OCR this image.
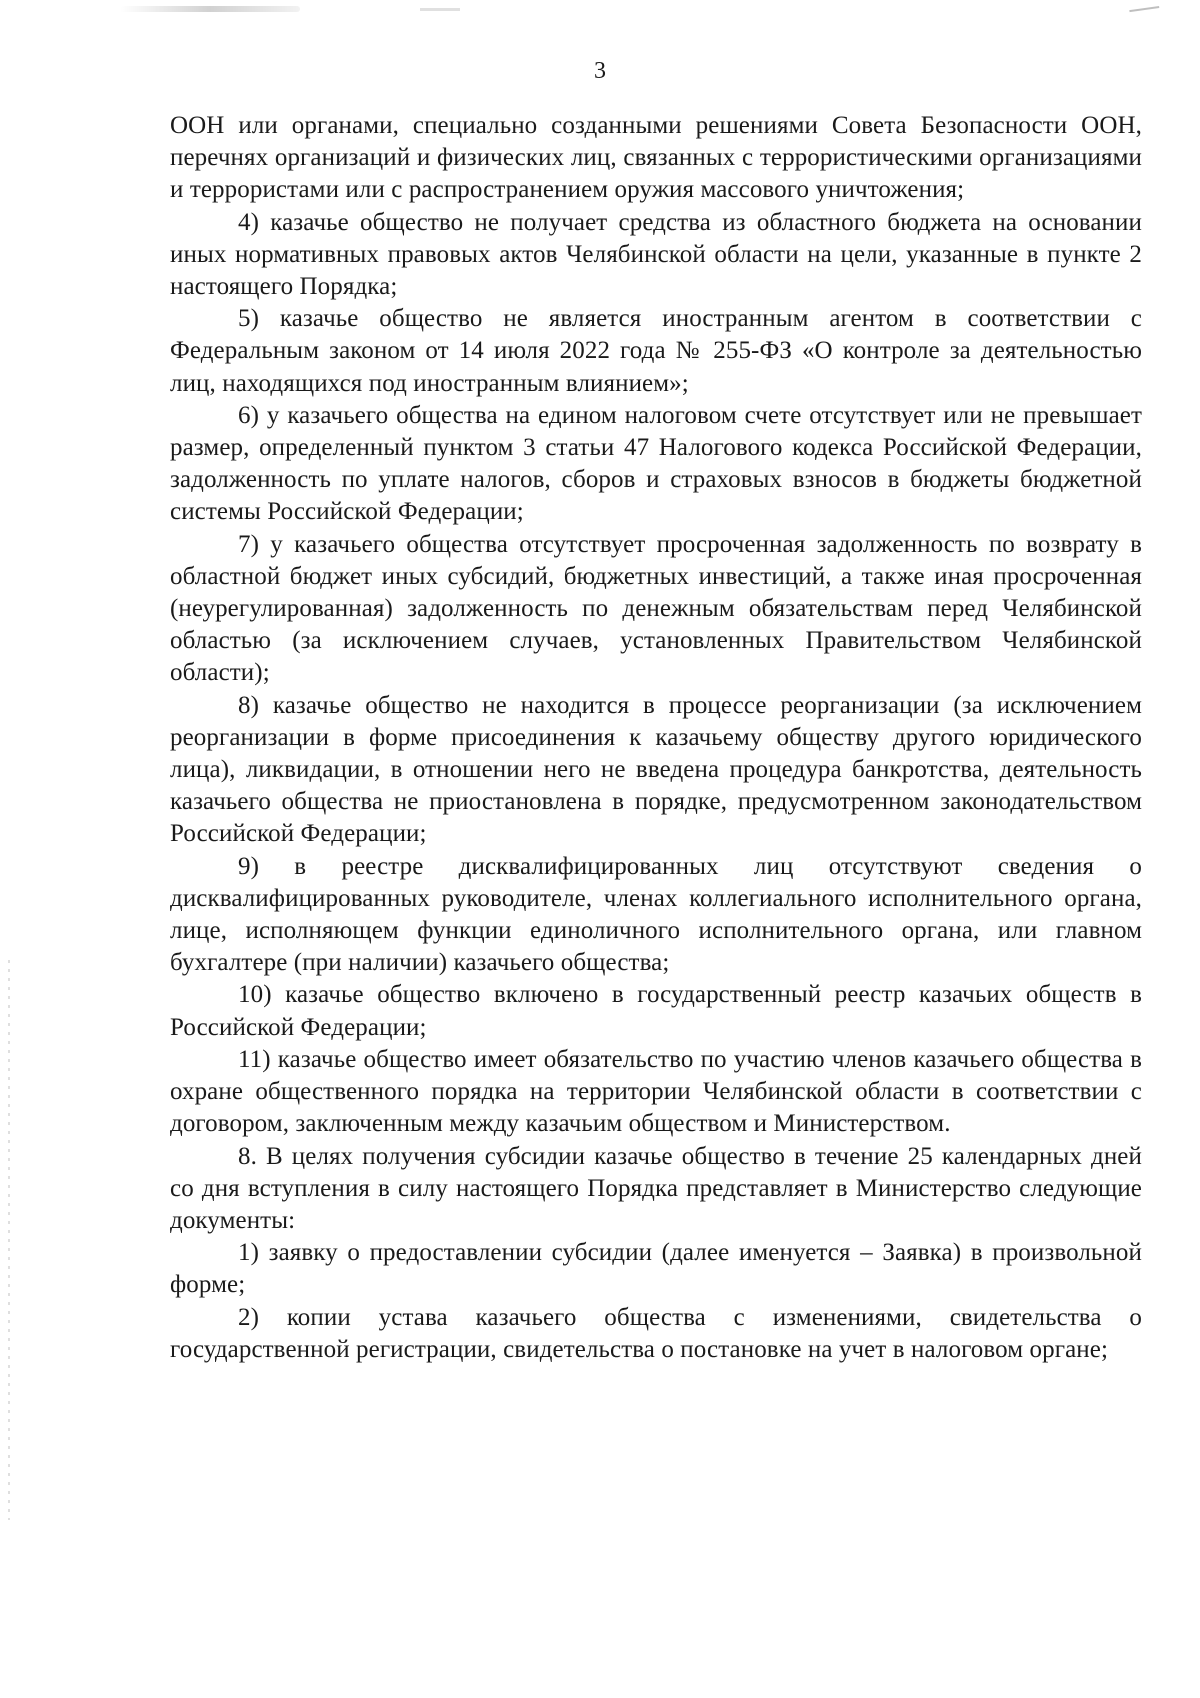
3

ООН или органами, специально созданными решениями Совета Безопасности ООН, перечнях организаций и физических лиц, связанных с террористическими организациями и террористами или с распространением оружия массового уничтожения;

4) казачье общество не получает средства из областного бюджета на основании иных нормативных правовых актов Челябинской области на цели, указанные в пункте 2 настоящего Порядка;

5) казачье общество не является иностранным агентом в соответствии с Федеральным законом от 14 июля 2022 года № 255-ФЗ «О контроле за деятельностью лиц, находящихся под иностранным влиянием»;

6) у казачьего общества на едином налоговом счете отсутствует или не превышает размер, определенный пунктом 3 статьи 47 Налогового кодекса Российской Федерации, задолженность по уплате налогов, сборов и страховых взносов в бюджеты бюджетной системы Российской Федерации;

7) у казачьего общества отсутствует просроченная задолженность по возврату в областной бюджет иных субсидий, бюджетных инвестиций, а также иная просроченная (неурегулированная) задолженность по денежным обязательствам перед Челябинской областью (за исключением случаев, установленных Правительством Челябинской области);

8) казачье общество не находится в процессе реорганизации (за исключением реорганизации в форме присоединения к казачьему обществу другого юридического лица), ликвидации, в отношении него не введена процедура банкротства, деятельность казачьего общества не приостановлена в порядке, предусмотренном законодательством Российской Федерации;

9) в реестре дисквалифицированных лиц отсутствуют сведения о дисквалифицированных руководителе, членах коллегиального исполнительного органа, лице, исполняющем функции единоличного исполнительного органа, или главном бухгалтере (при наличии) казачьего общества;

10) казачье общество включено в государственный реестр казачьих обществ в Российской Федерации;

11) казачье общество имеет обязательство по участию членов казачьего общества в охране общественного порядка на территории Челябинской области в соответствии с договором, заключенным между казачьим обществом и Министерством.

8. В целях получения субсидии казачье общество в течение 25 календарных дней со дня вступления в силу настоящего Порядка представляет в Министерство следующие документы:

1) заявку о предоставлении субсидии (далее именуется – Заявка) в произвольной форме;

2) копии устава казачьего общества с изменениями, свидетельства о государственной регистрации, свидетельства о постановке на учет в налоговом органе;
